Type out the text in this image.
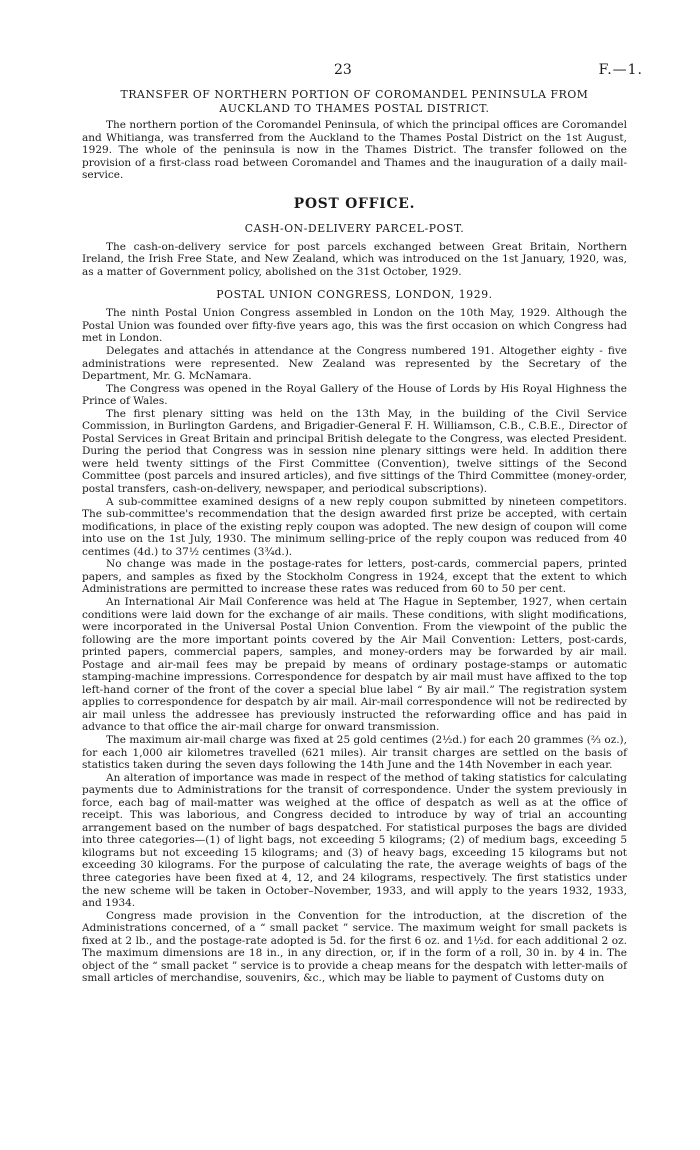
23	F.—1.
TRANSFER OF NORTHERN PORTION OF COROMANDEL PENINSULA FROM AUCKLAND TO THAMES POSTAL DISTRICT.

The northern portion of the Coromandel Peninsula, of which the principal offices are Coromandel and Whitianga, was transferred from the Auckland to the Thames Postal District on the 1st August, 1929. The whole of the peninsula is now in the Thames District. The transfer followed on the provision of a first-class road between Coromandel and Thames and the inauguration of a daily mail-service.

POST OFFICE.
CASH-ON-DELIVERY PARCEL-POST.

The cash-on-delivery service for post parcels exchanged between Great Britain, Northern Ireland, the Irish Free State, and New Zealand, which was introduced on the 1st January, 1920, was, as a matter of Government policy, abolished on the 31st October, 1929.

POSTAL UNION CONGRESS, LONDON, 1929.

The ninth Postal Union Congress assembled in London on the 10th May, 1929. Although the Postal Union was founded over fifty-five years ago, this was the first occasion on which Congress had met in London.

Delegates and attachés in attendance at the Congress numbered 191. Altogether eighty - five administrations were represented. New Zealand was represented by the Secretary of the Department, Mr. G. McNamara.

The Congress was opened in the Royal Gallery of the House of Lords by His Royal Highness the Prince of Wales.

The first plenary sitting was held on the 13th May, in the building of the Civil Service Commission, in Burlington Gardens, and Brigadier-General F. H. Williamson, C.B., C.B.E., Director of Postal Services in Great Britain and principal British delegate to the Congress, was elected President. During the period that Congress was in session nine plenary sittings were held. In addition there were held twenty sittings of the First Committee (Convention), twelve sittings of the Second Committee (post parcels and insured articles), and five sittings of the Third Committee (money-order, postal transfers, cash-on-delivery, newspaper, and periodical subscriptions).

A sub-committee examined designs of a new reply coupon submitted by nineteen competitors. The sub-committee's recommendation that the design awarded first prize be accepted, with certain modifications, in place of the existing reply coupon was adopted. The new design of coupon will come into use on the 1st July, 1930. The minimum selling-price of the reply coupon was reduced from 40 centimes (4d.) to 37½ centimes (3¾d.).

No change was made in the postage-rates for letters, post-cards, commercial papers, printed papers, and samples as fixed by the Stockholm Congress in 1924, except that the extent to which Administrations are permitted to increase these rates was reduced from 60 to 50 per cent.

An International Air Mail Conference was held at The Hague in September, 1927, when certain conditions were laid down for the exchange of air mails. These conditions, with slight modifications, were incorporated in the Universal Postal Union Convention. From the viewpoint of the public the following are the more important points covered by the Air Mail Convention: Letters, post-cards, printed papers, commercial papers, samples, and money-orders may be forwarded by air mail. Postage and air-mail fees may be prepaid by means of ordinary postage-stamps or automatic stamping-machine impressions. Correspondence for despatch by air mail must have affixed to the top left-hand corner of the front of the cover a special blue label “ By air mail.” The registration system applies to correspondence for despatch by air mail. Air-mail correspondence will not be redirected by air mail unless the addressee has previously instructed the reforwarding office and has paid in advance to that office the air-mail charge for onward transmission.

The maximum air-mail charge was fixed at 25 gold centimes (2½d.) for each 20 grammes (⅔ oz.), for each 1,000 air kilometres travelled (621 miles). Air transit charges are settled on the basis of statistics taken during the seven days following the 14th June and the 14th November in each year.

An alteration of importance was made in respect of the method of taking statistics for calculating payments due to Administrations for the transit of correspondence. Under the system previously in force, each bag of mail-matter was weighed at the office of despatch as well as at the office of receipt. This was laborious, and Congress decided to introduce by way of trial an accounting arrangement based on the number of bags despatched. For statistical purposes the bags are divided into three categories—(1) of light bags, not exceeding 5 kilograms; (2) of medium bags, exceeding 5 kilograms but not exceeding 15 kilograms; and (3) of heavy bags, exceeding 15 kilograms but not exceeding 30 kilograms. For the purpose of calculating the rate, the average weights of bags of the three categories have been fixed at 4, 12, and 24 kilograms, respectively. The first statistics under the new scheme will be taken in October–November, 1933, and will apply to the years 1932, 1933, and 1934.

Congress made provision in the Convention for the introduction, at the discretion of the Administrations concerned, of a “ small packet ” service. The maximum weight for small packets is fixed at 2 lb., and the postage-rate adopted is 5d. for the first 6 oz. and 1½d. for each additional 2 oz. The maximum dimensions are 18 in., in any direction, or, if in the form of a roll, 30 in. by 4 in. The object of the “ small packet ” service is to provide a cheap means for the despatch with letter-mails of small articles of merchandise, souvenirs, &c., which may be liable to payment of Customs duty on
